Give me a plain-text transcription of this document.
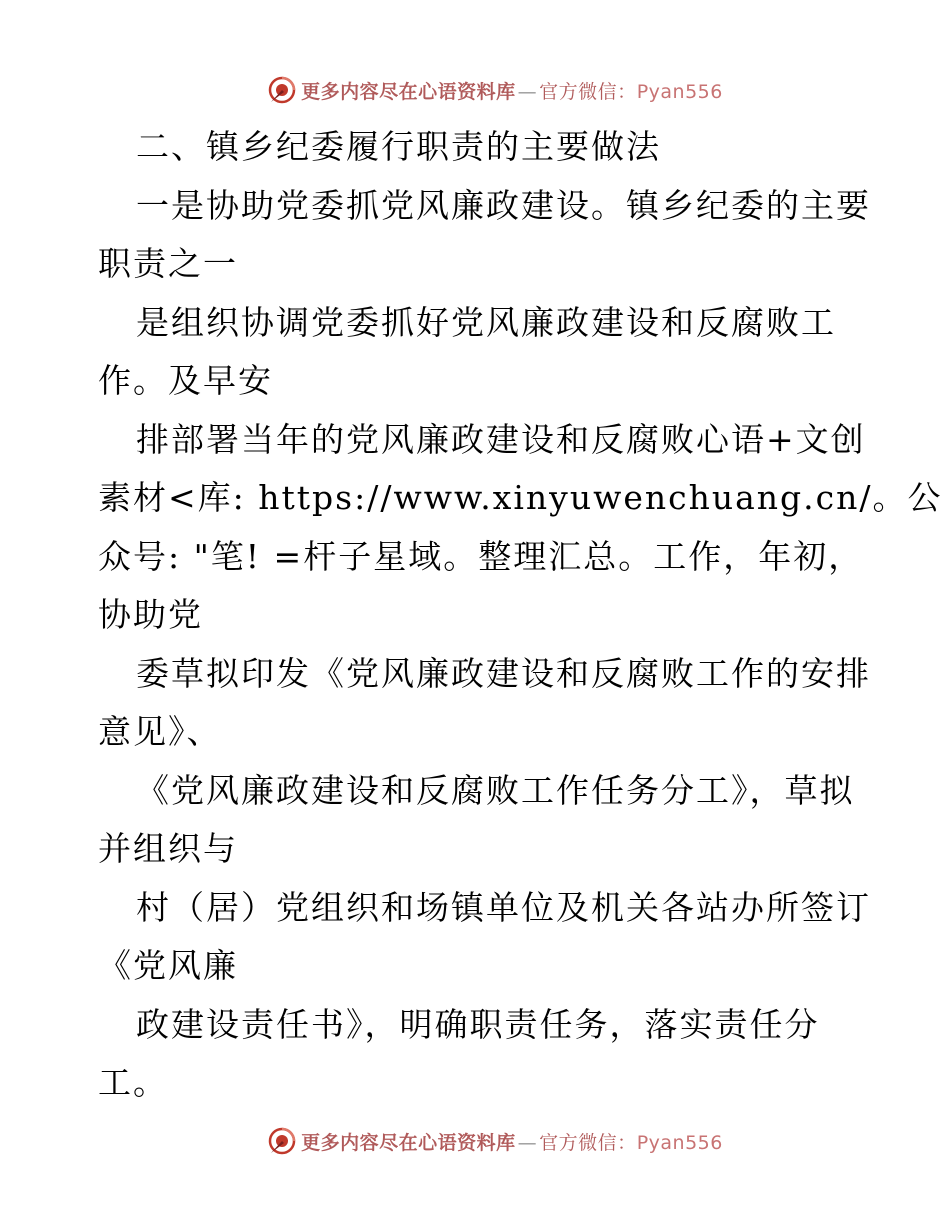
更多内容尽在心语资料库 — 官方微信：Pyan556
二、镇乡纪委履行职责的主要做法
一是协助党委抓党风廉政建设。镇乡纪委的主要
职责之一
是组织协调党委抓好党风廉政建设和反腐败工
作。及早安
排部署当年的党风廉政建设和反腐败心语+文创
素材<库: https://www.xinyuwenchuang.cn/。公
众号: "笔! =杆子星域。整理汇总。工作，年初，
协助党
委草拟印发《党风廉政建设和反腐败工作的安排
意见》、
《党风廉政建设和反腐败工作任务分工》，草拟
并组织与
村（居）党组织和场镇单位及机关各站办所签订
《党风廉
政建设责任书》，明确职责任务，落实责任分
工。
更多内容尽在心语资料库 — 官方微信：Pyan556
